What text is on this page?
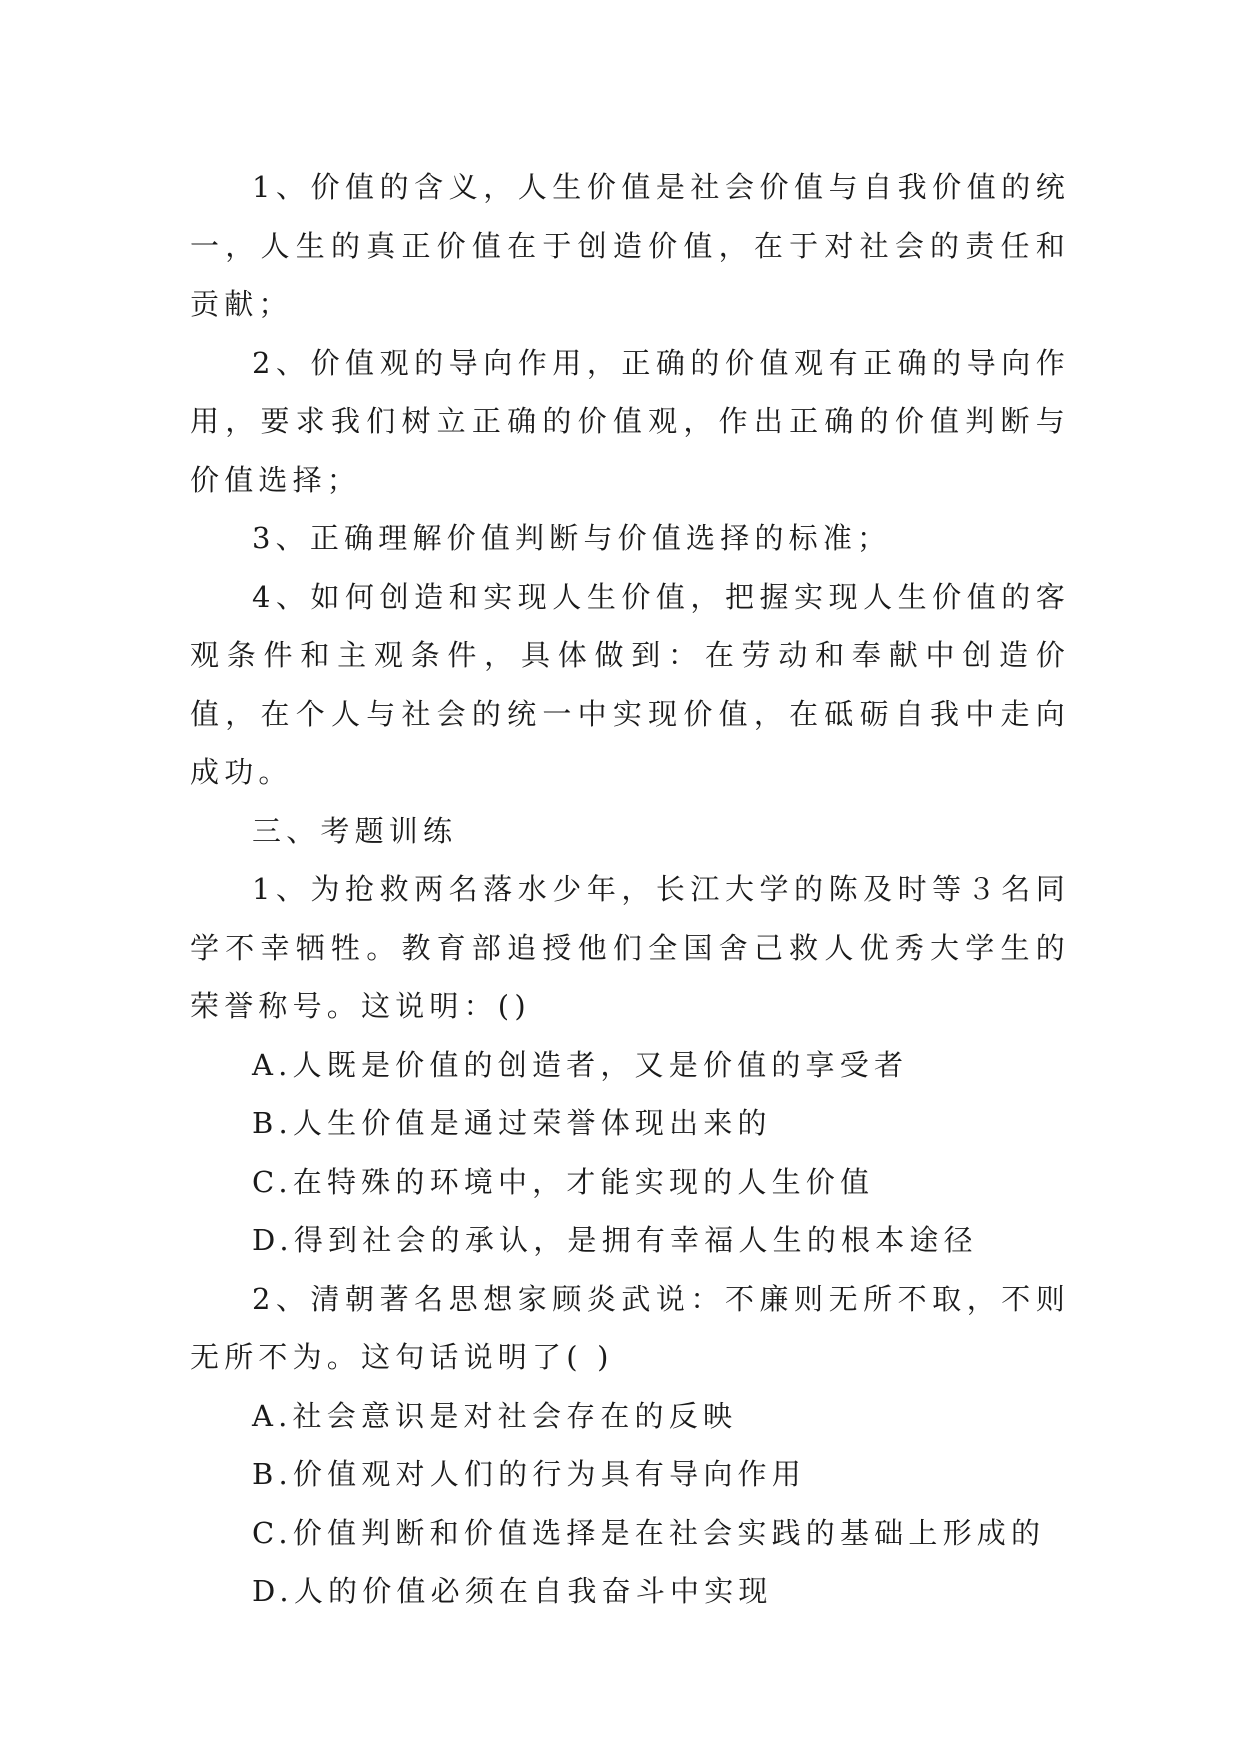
1、价值的含义，人生价值是社会价值与自我价值的统一，人生的真正价值在于创造价值，在于对社会的责任和贡献；

2、价值观的导向作用，正确的价值观有正确的导向作用，要求我们树立正确的价值观，作出正确的价值判断与价值选择；

3、正确理解价值判断与价值选择的标准；

4、如何创造和实现人生价值，把握实现人生价值的客观条件和主观条件，具体做到：在劳动和奉献中创造价值，在个人与社会的统一中实现价值，在砥砺自我中走向成功。

三、考题训练

1、为抢救两名落水少年，长江大学的陈及时等３名同学不幸牺牲。教育部追授他们全国舍己救人优秀大学生的荣誉称号。这说明：()

A.人既是价值的创造者，又是价值的享受者

B.人生价值是通过荣誉体现出来的

C.在特殊的环境中，才能实现的人生价值

D.得到社会的承认，是拥有幸福人生的根本途径

2、清朝著名思想家顾炎武说：不廉则无所不取，不则无所不为。这句话说明了( )

A.社会意识是对社会存在的反映

B.价值观对人们的行为具有导向作用

C.价值判断和价值选择是在社会实践的基础上形成的

D.人的价值必须在自我奋斗中实现
